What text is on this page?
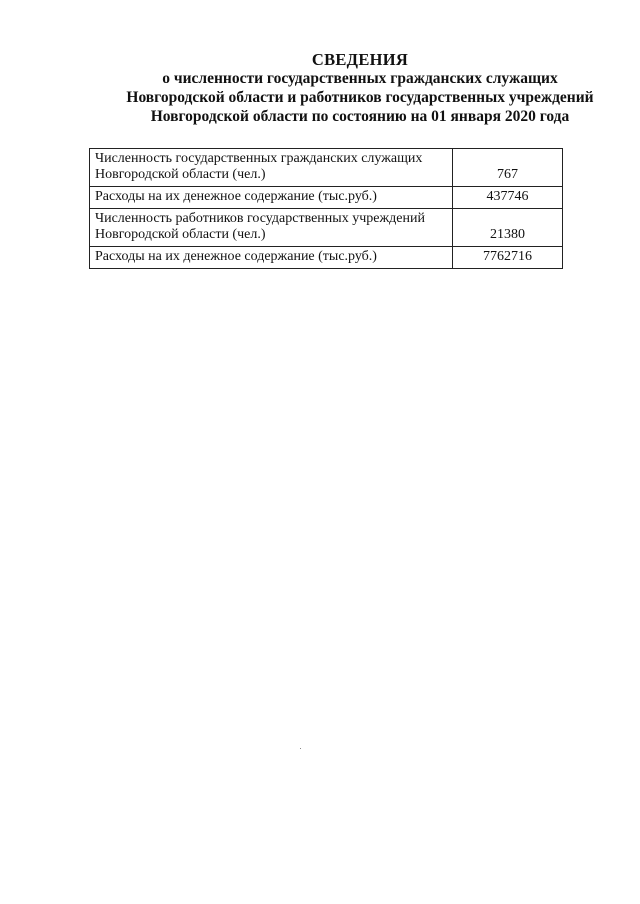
СВЕДЕНИЯ
о численности государственных гражданских служащих
Новгородской области и работников государственных учреждений
Новгородской области по состоянию на 01 января 2020 года
Численность государственных гражданских служащих
Новгородской области (чел.)	767

Расходы на их денежное содержание (тыс.руб.)	437746

Численность работников государственных учреждений
Новгородской области (чел.)	21380

Расходы на их денежное содержание (тыс.руб.)	7762716
